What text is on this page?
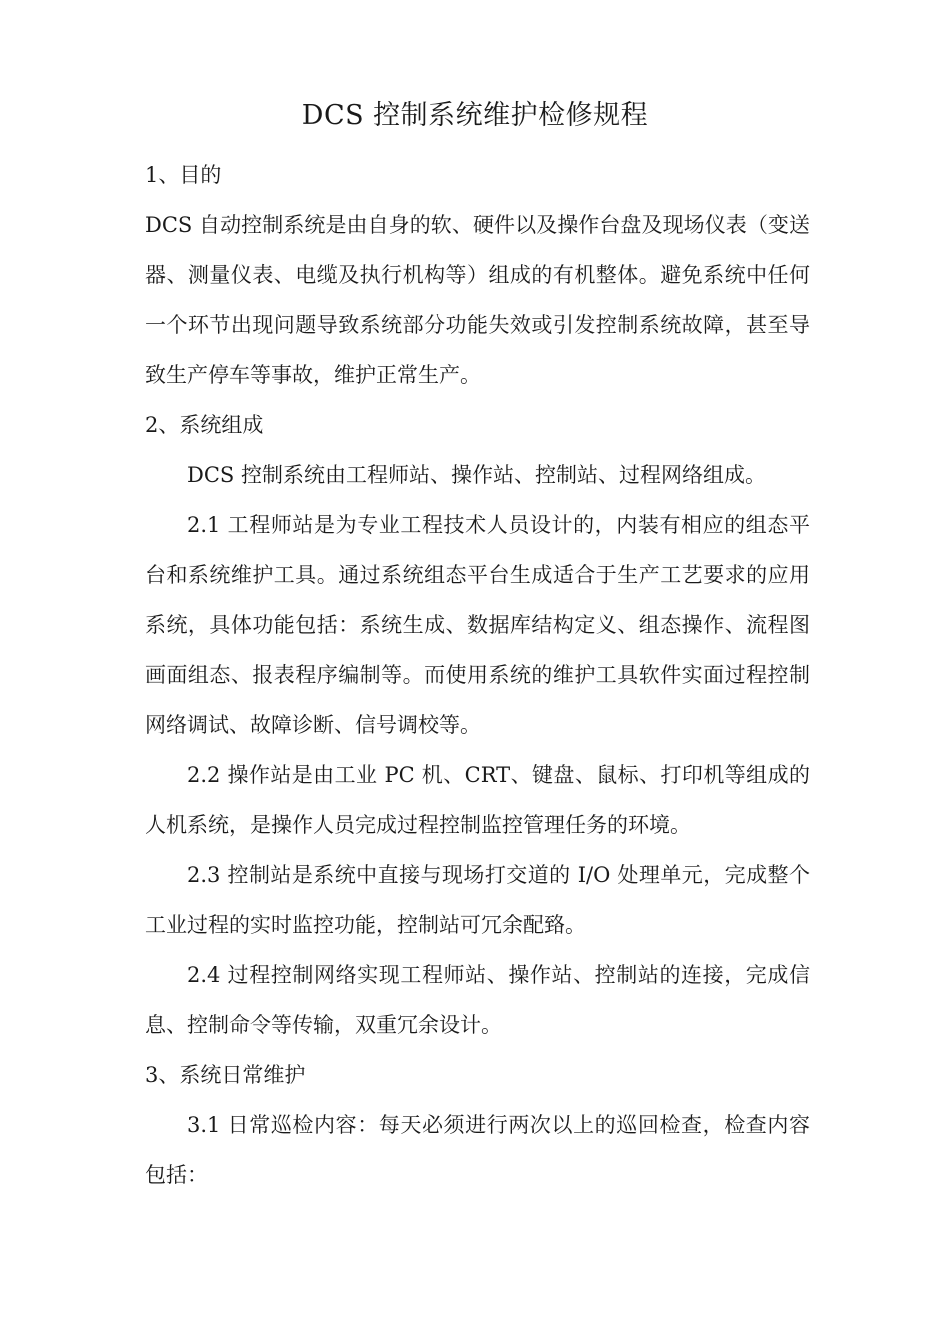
DCS 控制系统维护检修规程

1、目的

DCS 自动控制系统是由自身的软、硬件以及操作台盘及现场仪表（变送器、测量仪表、电缆及执行机构等）组成的有机整体。避免系统中任何一个环节出现问题导致系统部分功能失效或引发控制系统故障，甚至导致生产停车等事故，维护正常生产。

2、系统组成

DCS 控制系统由工程师站、操作站、控制站、过程网络组成。

2.1 工程师站是为专业工程技术人员设计的，内装有相应的组态平台和系统维护工具。通过系统组态平台生成适合于生产工艺要求的应用系统，具体功能包括：系统生成、数据库结构定义、组态操作、流程图画面组态、报表程序编制等。而使用系统的维护工具软件实面过程控制网络调试、故障诊断、信号调校等。

2.2 操作站是由工业 PC 机、CRT、键盘、鼠标、打印机等组成的人机系统，是操作人员完成过程控制监控管理任务的环境。

2.3 控制站是系统中直接与现场打交道的 I/O 处理单元，完成整个工业过程的实时监控功能，控制站可冗余配臵。

2.4 过程控制网络实现工程师站、操作站、控制站的连接，完成信息、控制命令等传输，双重冗余设计。

3、系统日常维护

3.1 日常巡检内容：每天必须进行两次以上的巡回检查，检查内容包括：
